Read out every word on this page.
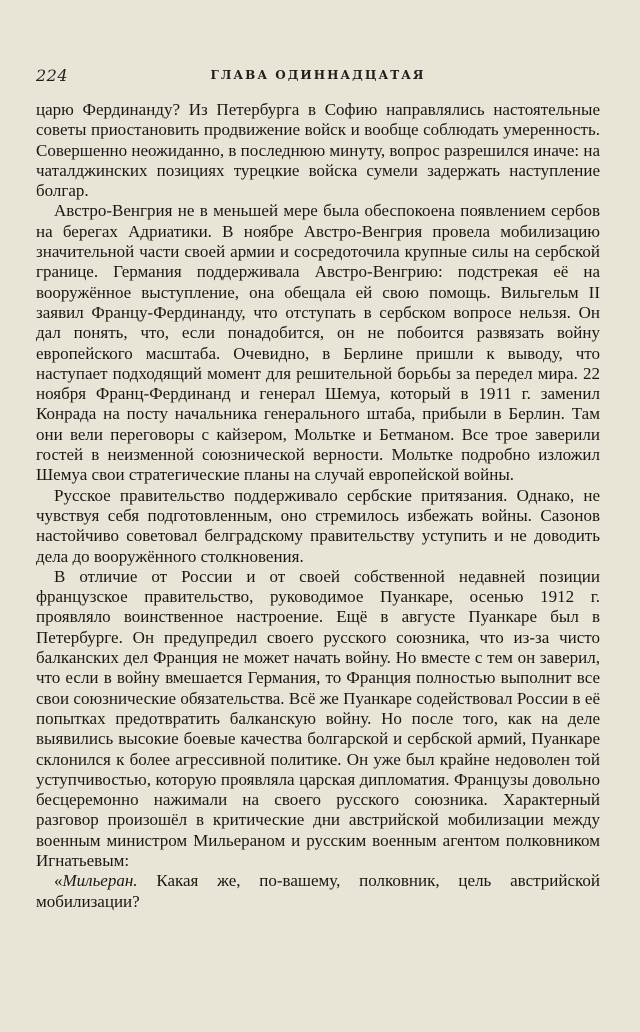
224	ГЛАВА ОДИННАДЦАТАЯ

царю Фердинанду? Из Петербурга в Софию направлялись настоятельные советы приостановить продвижение войск и вообще соблюдать умеренность. Совершенно неожиданно, в последнюю минуту, вопрос разрешился иначе: на чаталджинских позициях турецкие войска сумели задержать наступление болгар.

Австро-Венгрия не в меньшей мере была обеспокоена появлением сербов на берегах Адриатики. В ноябре Австро-Венгрия провела мобилизацию значительной части своей армии и сосредоточила крупные силы на сербской границе. Германия поддерживала Австро-Венгрию: подстрекая её на вооружённое выступление, она обещала ей свою помощь. Вильгельм II заявил Францу-Фердинанду, что отступать в сербском вопросе нельзя. Он дал понять, что, если понадобится, он не побоится развязать войну европейского масштаба. Очевидно, в Берлине пришли к выводу, что наступает подходящий момент для решительной борьбы за передел мира. 22 ноября Франц-Фердинанд и генерал Шемуа, который в 1911 г. заменил Конрада на посту начальника генерального штаба, прибыли в Берлин. Там они вели переговоры с кайзером, Мольтке и Бетманом. Все трое заверили гостей в неизменной союзнической верности. Мольтке подробно изложил Шемуа свои стратегические планы на случай европейской войны.

Русское правительство поддерживало сербские притязания. Однако, не чувствуя себя подготовленным, оно стремилось избежать войны. Сазонов настойчиво советовал белградскому правительству уступить и не доводить дела до вооружённого столкновения.

В отличие от России и от своей собственной недавней позиции французское правительство, руководимое Пуанкаре, осенью 1912 г. проявляло воинственное настроение. Ещё в августе Пуанкаре был в Петербурге. Он предупредил своего русского союзника, что из-за чисто балканских дел Франция не может начать войну. Но вместе с тем он заверил, что если в войну вмешается Германия, то Франция полностью выполнит все свои союзнические обязательства. Всё же Пуанкаре содействовал России в её попытках предотвратить балканскую войну. Но после того, как на деле выявились высокие боевые качества болгарской и сербской армий, Пуанкаре склонился к более агрессивной политике. Он уже был крайне недоволен той уступчивостью, которую проявляла царская дипломатия. Французы довольно бесцеремонно нажимали на своего русского союзника. Характерный разговор произошёл в критические дни австрийской мобилизации между военным министром Мильераном и русским военным агентом полковником Игнатьевым:

«Мильеран. Какая же, по-вашему, полковник, цель австрийской мобилизации?
